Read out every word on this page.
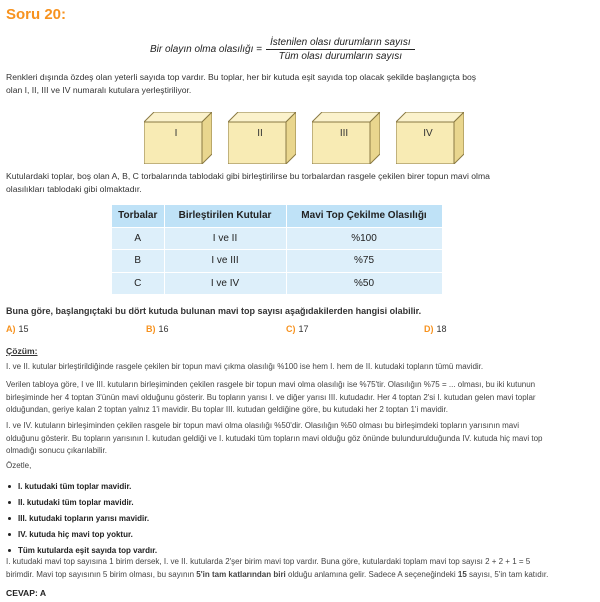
Soru 20:
Bir olayın olma olasılığı = $\frac{\text{İstenilen olası durumların sayısı}}{\text{Tüm olası durumların sayısı}}$
Renkleri dışında özdeş olan yeterli sayıda top vardır. Bu toplar, her bir kutuda eşit sayıda top olacak şekilde başlangıçta boş
olan I, II, III ve IV numaralı kutulara yerleştiriliyor.
I	II	III	IV
Kutulardaki toplar, boş olan A, B, C torbalarında tablodaki gibi birleştirilirse bu torbalardan rasgele çekilen birer topun mavi olma
olasılıkları tablodaki gibi olmaktadır.
Torbalar	Birleştirilen Kutular	Mavi Top Çekilme Olasılığı
A	I ve II	%100
B	I ve III	%75
C	I ve IV	%50
Buna göre, başlangıçtaki bu dört kutuda bulunan mavi top sayısı aşağıdakilerden hangisi olabilir.
A) 15	B) 16	C) 17	D) 18
Çözüm:
I. ve II. kutular birleştirildiğinde rasgele çekilen bir topun mavi çıkma olasılığı %100 ise hem I. hem de II. kutudaki topların tümü mavidir.
Verilen tabloya göre, I ve III. kutuların birleşiminden çekilen rasgele bir topun mavi olma olasılığı ise %75'tir. Olasılığın %75 = ... olması, bu iki kutunun
birleşiminde her 4 toptan 3'ünün mavi olduğunu gösterir. Bu topların yarısı I. ve diğer yarısı III. kutudadır. Her 4 toptan 2'si I. kutudan gelen mavi toplar
olduğundan, geriye kalan 2 toptan yalnız 1'i mavidir. Bu toplar III. kutudan geldiğine göre, bu kutudaki her 2 toptan 1'i mavidir.
I. ve IV. kutuların birleşiminden çekilen rasgele bir topun mavi olma olasılığı %50'dir. Olasılığın %50 olması bu birleşimdeki topların yarısının mavi
olduğunu gösterir. Bu topların yarısının I. kutudan geldiği ve I. kutudaki tüm topların mavi olduğu göz önünde bulundurulduğunda IV. kutuda hiç mavi top
olmadığı sonucu çıkarılabilir.
Özetle,
I. kutudaki tüm toplar mavidir.
II. kutudaki tüm toplar mavidir.
III. kutudaki topların yarısı mavidir.
IV. kutuda hiç mavi top yoktur.
Tüm kutularda eşit sayıda top vardır.
I. kutudaki mavi top sayısına 1 birim dersek, I. ve II. kutularda 2'şer birim mavi top vardır. Buna göre, kutulardaki toplam mavi top sayısı 2 + 2 + 1 = 5
birimdir. Mavi top sayısının 5 birim olması, bu sayının 5'in tam katlarından biri olduğu anlamına gelir. Sadece A seçeneğindeki 15 sayısı, 5'in tam katıdır.
CEVAP: A
